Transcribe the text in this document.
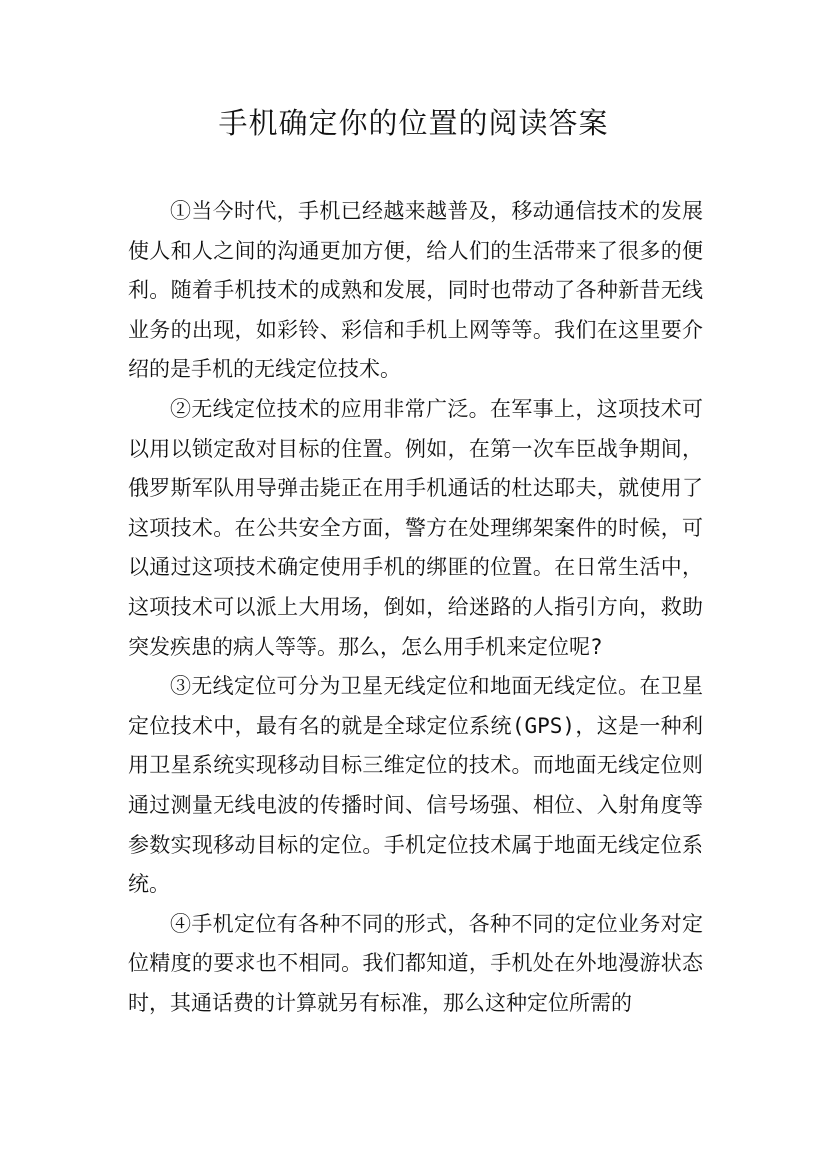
手机确定你的位置的阅读答案

①当今时代，手机已经越来越普及，移动通信技术的发展使人和人之间的沟通更加方便，给人们的生活带来了很多的便利。随着手机技术的成熟和发展，同时也带动了各种新昔无线业务的出现，如彩铃、彩信和手机上网等等。我们在这里要介绍的是手机的无线定位技术。

②无线定位技术的应用非常广泛。在军事上，这项技术可以用以锁定敌对目标的住置。例如，在第一次车臣战争期间，俄罗斯军队用导弹击毙正在用手机通话的杜达耶夫，就使用了这项技术。在公共安全方面，警方在处理绑架案件的时候，可以通过这项技术确定使用手机的绑匪的位置。在日常生活中，这项技术可以派上大用场，倒如，给迷路的人指引方向，救助突发疾患的病人等等。那么，怎么用手机来定位呢?

③无线定位可分为卫星无线定位和地面无线定位。在卫星定位技术中，最有名的就是全球定位系统(GPS)，这是一种利用卫星系统实现移动目标三维定位的技术。而地面无线定位则通过测量无线电波的传播时间、信号场强、相位、入射角度等参数实现移动目标的定位。手机定位技术属于地面无线定位系统。

④手机定位有各种不同的形式，各种不同的定位业务对定位精度的要求也不相同。我们都知道，手机处在外地漫游状态时，其通话费的计算就另有标准，那么这种定位所需的
